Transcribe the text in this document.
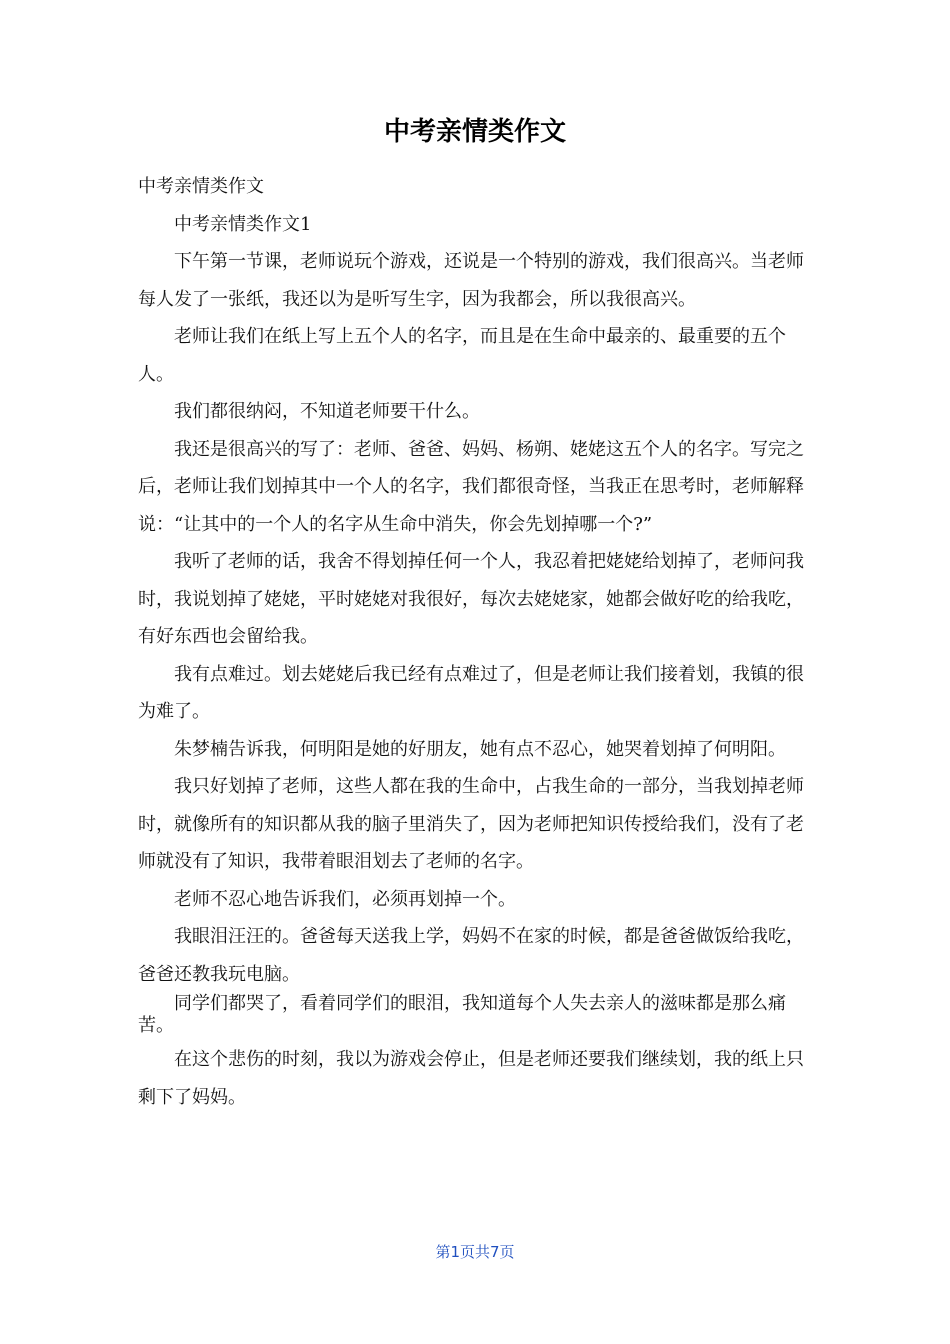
中考亲情类作文

中考亲情类作文

中考亲情类作文1

下午第一节课，老师说玩个游戏，还说是一个特别的游戏，我们很高兴。当老师每人发了一张纸，我还以为是听写生字，因为我都会，所以我很高兴。

老师让我们在纸上写上五个人的名字，而且是在生命中最亲的、最重要的五个人。

我们都很纳闷，不知道老师要干什么。

我还是很高兴的写了：老师、爸爸、妈妈、杨朔、姥姥这五个人的名字。写完之后，老师让我们划掉其中一个人的名字，我们都很奇怪，当我正在思考时，老师解释说：“让其中的一个人的名字从生命中消失，你会先划掉哪一个?”

我听了老师的话，我舍不得划掉任何一个人，我忍着把姥姥给划掉了，老师问我时，我说划掉了姥姥，平时姥姥对我很好，每次去姥姥家，她都会做好吃的给我吃，有好东西也会留给我。

我有点难过。划去姥姥后我已经有点难过了，但是老师让我们接着划，我镇的很为难了。

朱梦楠告诉我，何明阳是她的好朋友，她有点不忍心，她哭着划掉了何明阳。

我只好划掉了老师，这些人都在我的生命中，占我生命的一部分，当我划掉老师时，就像所有的知识都从我的脑子里消失了，因为老师把知识传授给我们，没有了老师就没有了知识，我带着眼泪划去了老师的名字。

老师不忍心地告诉我们，必须再划掉一个。

我眼泪汪汪的。爸爸每天送我上学，妈妈不在家的时候，都是爸爸做饭给我吃，爸爸还教我玩电脑。

同学们都哭了，看着同学们的眼泪，我知道每个人失去亲人的滋味都是那么痛苦。

在这个悲伤的时刻，我以为游戏会停止，但是老师还要我们继续划，我的纸上只剩下了妈妈。

第1页共7页
